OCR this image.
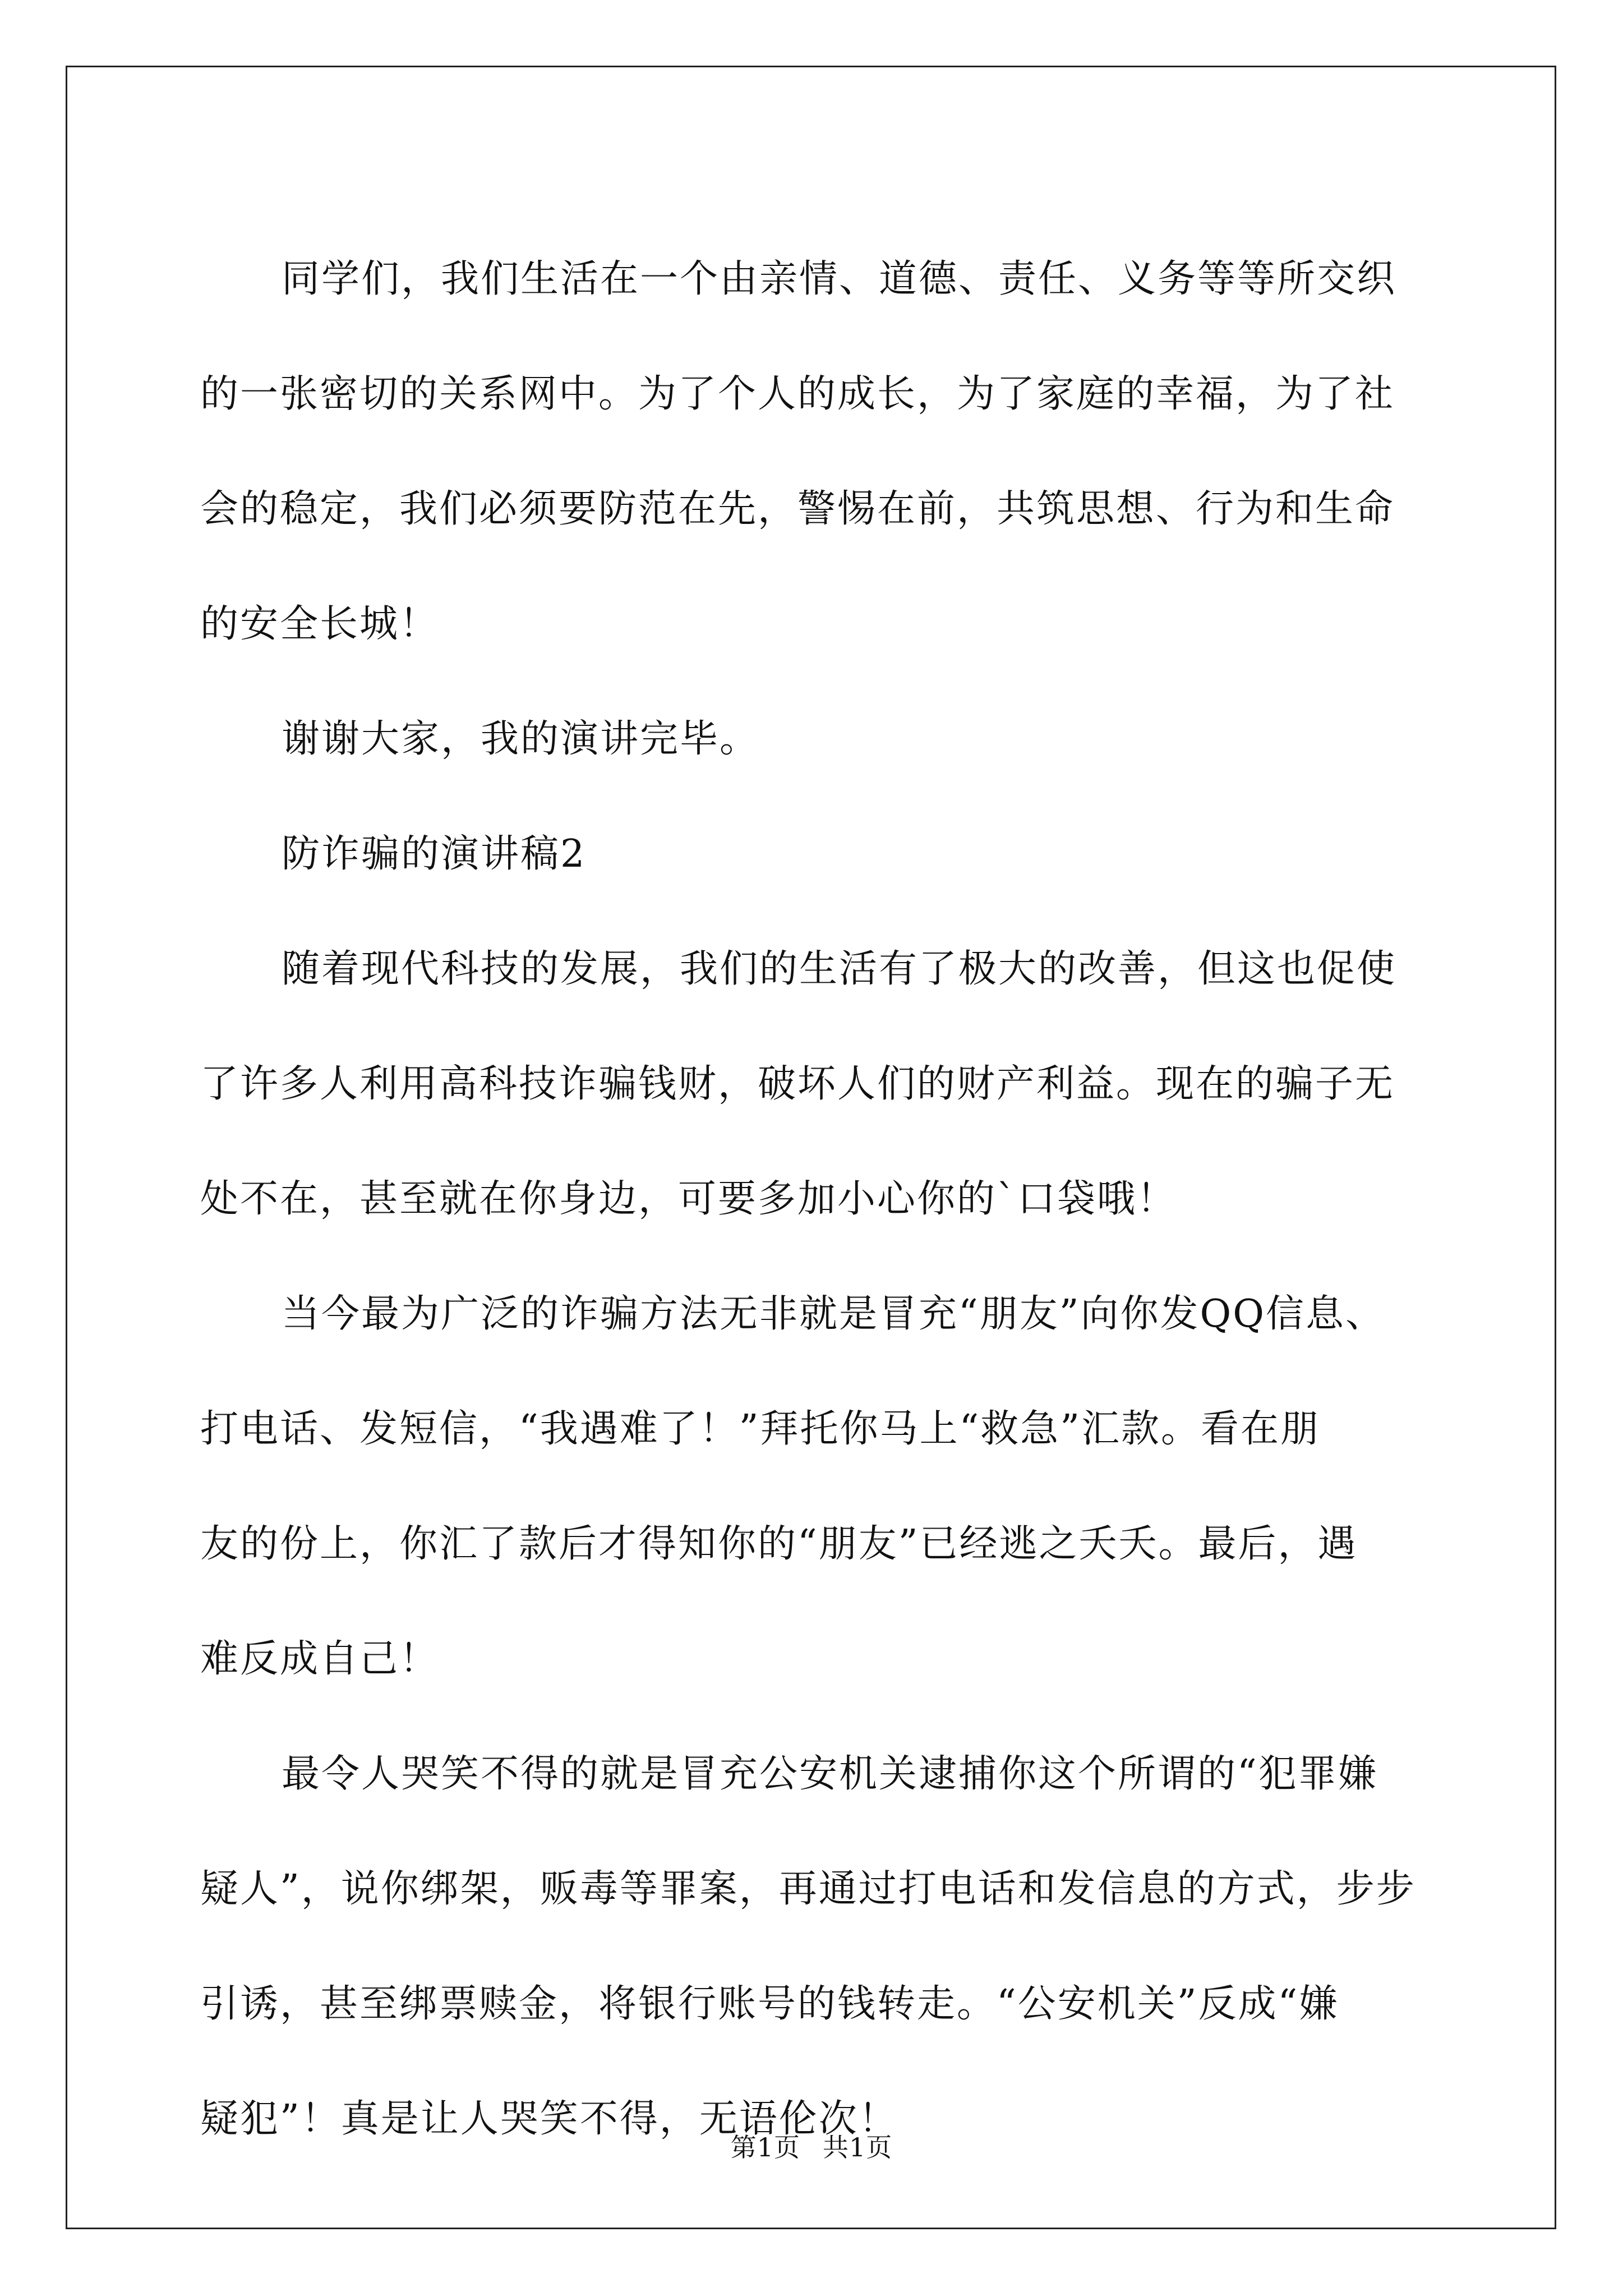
同学们，我们生活在一个由亲情、道德、责任、义务等等所交织
的一张密切的关系网中。为了个人的成长，为了家庭的幸福，为了社
会的稳定，我们必须要防范在先，警惕在前，共筑思想、行为和生命
的安全长城！

谢谢大家，我的演讲完毕。

防诈骗的演讲稿2

随着现代科技的发展，我们的生活有了极大的改善，但这也促使
了许多人利用高科技诈骗钱财，破坏人们的财产利益。现在的骗子无
处不在，甚至就在你身边，可要多加小心你的`口袋哦！

当今最为广泛的诈骗方法无非就是冒充“朋友”向你发QQ信息、
打电话、发短信，“我遇难了！”拜托你马上“救急”汇款。看在朋
友的份上，你汇了款后才得知你的“朋友”已经逃之夭夭。最后，遇
难反成自己！

最令人哭笑不得的就是冒充公安机关逮捕你这个所谓的“犯罪嫌
疑人”，说你绑架，贩毒等罪案，再通过打电话和发信息的方式，步步
引诱，甚至绑票赎金，将银行账号的钱转走。“公安机关”反成“嫌
疑犯”！真是让人哭笑不得，无语伦次！

第1页 共1页
